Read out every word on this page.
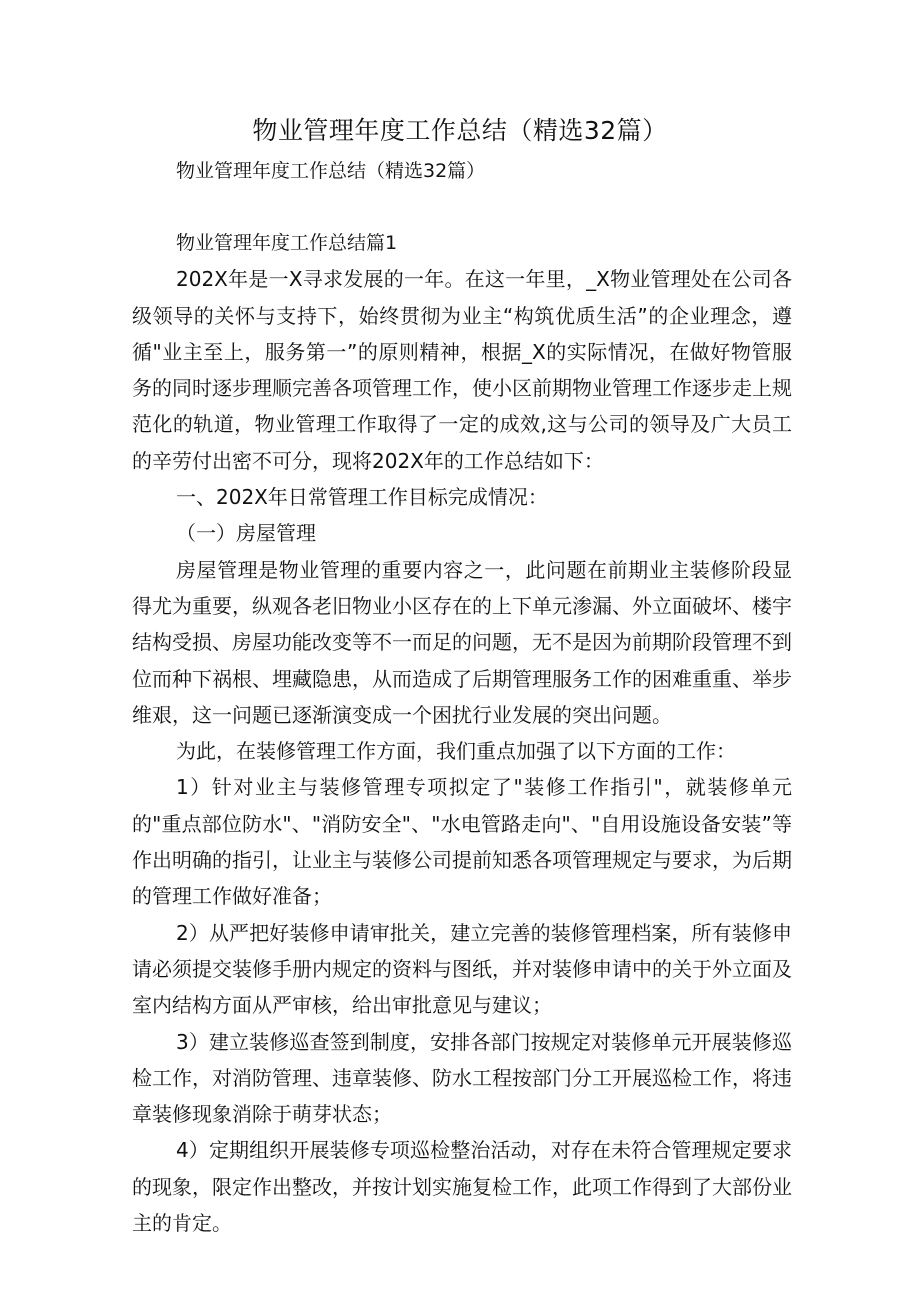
物业管理年度工作总结（精选32篇）
物业管理年度工作总结（精选32篇）

物业管理年度工作总结篇1

202X年是一X寻求发展的一年。在这一年里，_X物业管理处在公司各级领导的关怀与支持下，始终贯彻为业主“构筑优质生活”的企业理念，遵循"业主至上，服务第一”的原则精神，根据_X的实际情况，在做好物管服务的同时逐步理顺完善各项管理工作，使小区前期物业管理工作逐步走上规范化的轨道，物业管理工作取得了一定的成效,这与公司的领导及广大员工的辛劳付出密不可分，现将202X年的工作总结如下：

一、202X年日常管理工作目标完成情况：

（一）房屋管理

房屋管理是物业管理的重要内容之一，此问题在前期业主装修阶段显得尤为重要，纵观各老旧物业小区存在的上下单元渗漏、外立面破坏、楼宇结构受损、房屋功能改变等不一而足的问题，无不是因为前期阶段管理不到位而种下祸根、埋藏隐患，从而造成了后期管理服务工作的困难重重、举步维艰，这一问题已逐渐演变成一个困扰行业发展的突出问题。

为此，在装修管理工作方面，我们重点加强了以下方面的工作：

1）针对业主与装修管理专项拟定了"装修工作指引"，就装修单元的"重点部位防水"、"消防安全"、"水电管路走向"、"自用设施设备安装”等作出明确的指引，让业主与装修公司提前知悉各项管理规定与要求，为后期的管理工作做好准备；

2）从严把好装修申请审批关，建立完善的装修管理档案，所有装修申请必须提交装修手册内规定的资料与图纸，并对装修申请中的关于外立面及室内结构方面从严审核，给出审批意见与建议；

3）建立装修巡查签到制度，安排各部门按规定对装修单元开展装修巡检工作，对消防管理、违章装修、防水工程按部门分工开展巡检工作，将违章装修现象消除于萌芽状态；

4）定期组织开展装修专项巡检整治活动，对存在未符合管理规定要求的现象，限定作出整改，并按计划实施复检工作，此项工作得到了大部份业主的肯定。
